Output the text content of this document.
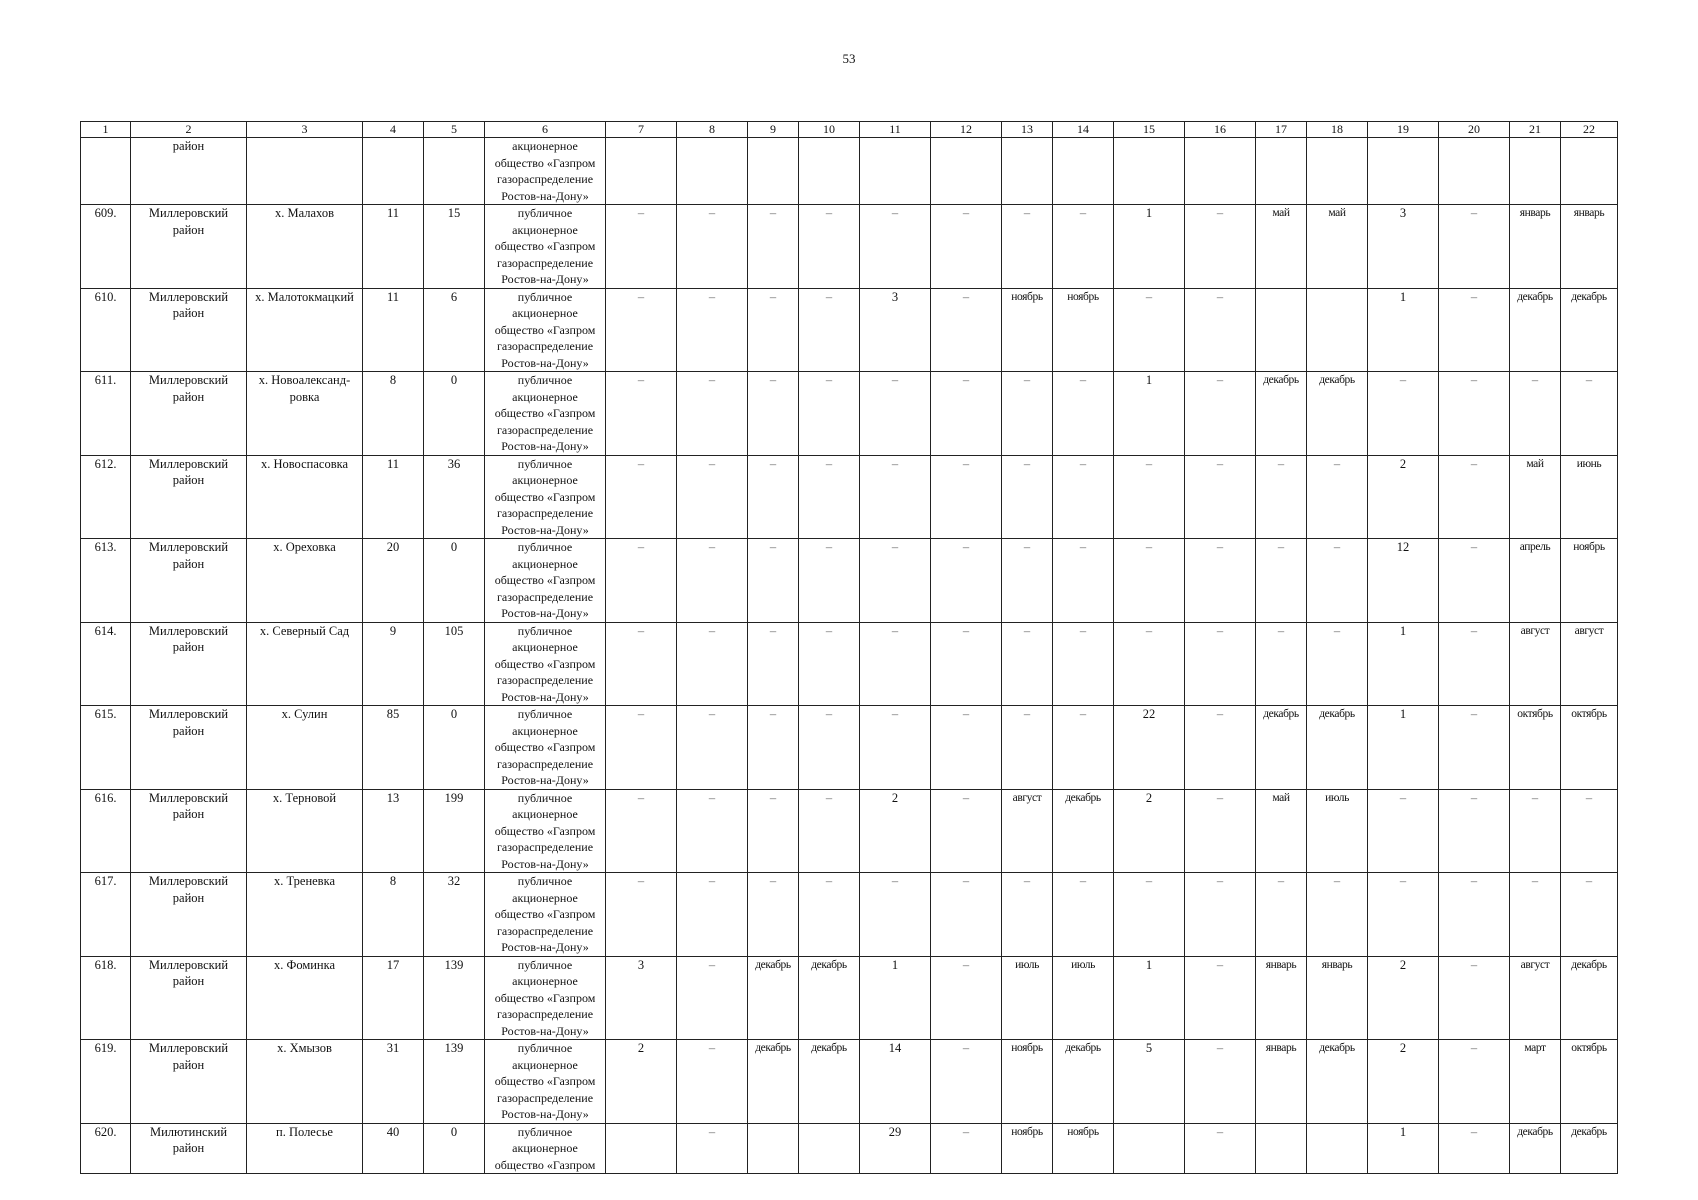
53
1	2	3	4	5	6	7	8	9	10	11	12	13	14	15	16	17	18	19	20	21	22
	район				акционерное
общество «Газпром
газораспределение
Ростов-на-Дону»																

609.	Миллеровский район	х. Малахов	11	15	публичное
акционерное
общество «Газпром
газораспределение
Ростов-на-Дону»	–	–	–	–	–	–	–	–	1	–	май	май	3	–	январь	январь
610.	Миллеровский район	х. Малотокмацкий	11	6	публичное
акционерное
общество «Газпром
газораспределение
Ростов-на-Дону»	–	–	–	–	3	–	ноябрь	ноябрь	–	–			1	–	декабрь	декабрь
611.	Миллеровский район	х. Новоалександ-ровка	8	0	публичное
акционерное
общество «Газпром
газораспределение
Ростов-на-Дону»	–	–	–	–	–	–	–	–	1	–	декабрь	декабрь	–	–	–	–
612.	Миллеровский район	х. Новоспасовка	11	36	публичное
акционерное
общество «Газпром
газораспределение
Ростов-на-Дону»	–	–	–	–	–	–	–	–	–	–	–	–	2	–	май	июнь
613.	Миллеровский район	х. Ореховка	20	0	публичное
акционерное
общество «Газпром
газораспределение
Ростов-на-Дону»	–	–	–	–	–	–	–	–	–	–	–	–	12	–	апрель	ноябрь
614.	Миллеровский район	х. Северный Сад	9	105	публичное
акционерное
общество «Газпром
газораспределение
Ростов-на-Дону»	–	–	–	–	–	–	–	–	–	–	–	–	1	–	август	август
615.	Миллеровский район	х. Сулин	85	0	публичное
акционерное
общество «Газпром
газораспределение
Ростов-на-Дону»	–	–	–	–	–	–	–	–	22	–	декабрь	декабрь	1	–	октябрь	октябрь
616.	Миллеровский район	х. Терновой	13	199	публичное
акционерное
общество «Газпром
газораспределение
Ростов-на-Дону»	–	–	–	–	2	–	август	декабрь	2	–	май	июль	–	–	–	–
617.	Миллеровский район	х. Треневка	8	32	публичное
акционерное
общество «Газпром
газораспределение
Ростов-на-Дону»	–	–	–	–	–	–	–	–	–	–	–	–	–	–	–	–
618.	Миллеровский район	х. Фоминка	17	139	публичное
акционерное
общество «Газпром
газораспределение
Ростов-на-Дону»	3	–	декабрь	декабрь	1	–	июль	июль	1	–	январь	январь	2	–	август	декабрь
619.	Миллеровский район	х. Хмызов	31	139	публичное
акционерное
общество «Газпром
газораспределение
Ростов-на-Дону»	2	–	декабрь	декабрь	14	–	ноябрь	декабрь	5	–	январь	декабрь	2	–	март	октябрь
620.	Милютинский район	п. Полесье	40	0	публичное
акционерное
общество «Газпром		–			29	–	ноябрь	ноябрь		–			1	–	декабрь	декабрь
